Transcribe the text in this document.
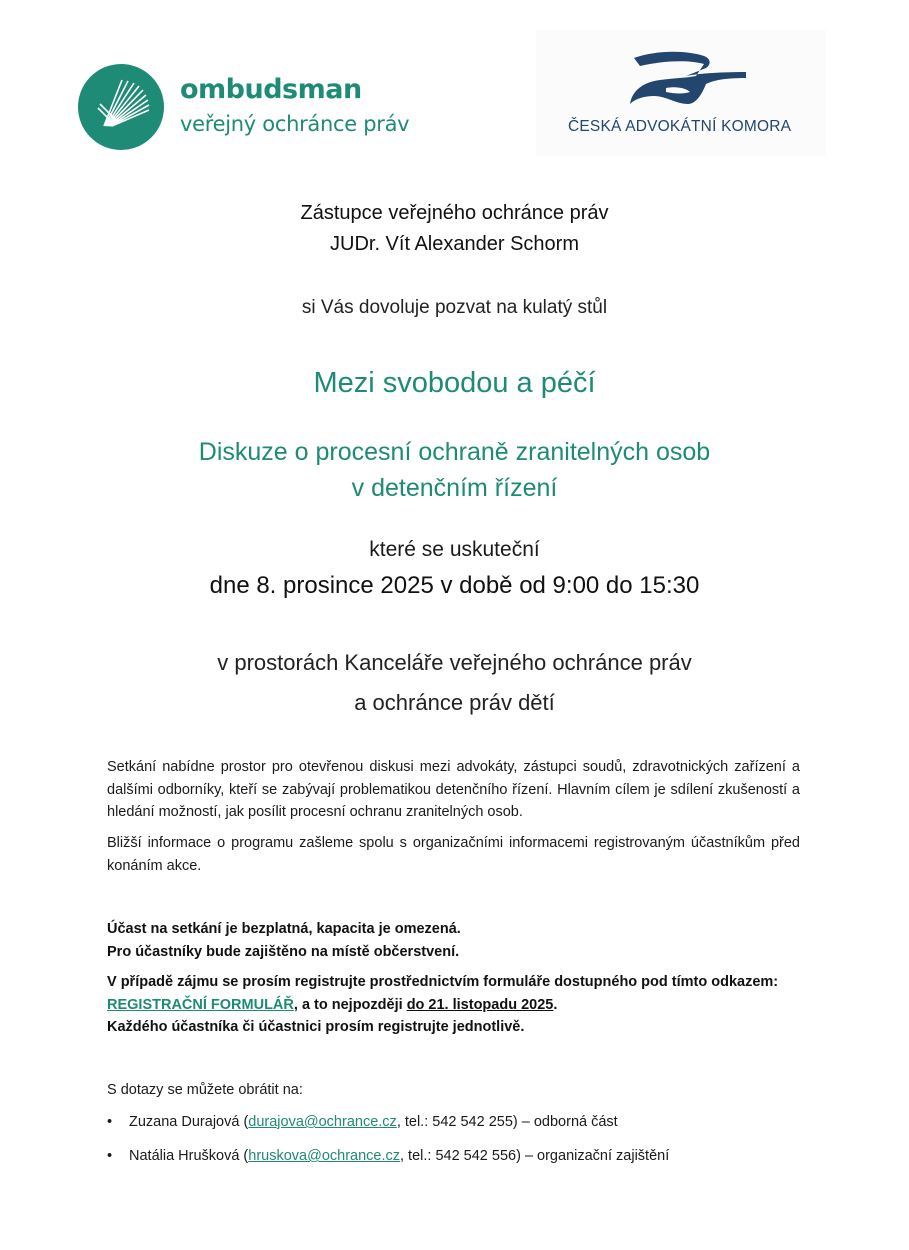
ombudsman
veřejný ochránce práv	ČESKÁ ADVOKÁTNÍ KOMORA
Zástupce veřejného ochránce práv
JUDr. Vít Alexander Schorm
si Vás dovoluje pozvat na kulatý stůl
Mezi svobodou a péčí
Diskuze o procesní ochraně zranitelných osob
v detenčním řízení
které se uskuteční
dne 8. prosince 2025 v době od 9:00 do 15:30
v prostorách Kanceláře veřejného ochránce práv
a ochránce práv dětí
Setkání nabídne prostor pro otevřenou diskusi mezi advokáty, zástupci soudů, zdravotnických zařízení a dalšími odborníky, kteří se zabývají problematikou detenčního řízení. Hlavním cílem je sdílení zkušeností a hledání možností, jak posílit procesní ochranu zranitelných osob.
Bližší informace o programu zašleme spolu s organizačními informacemi registrovaným účastníkům před konáním akce.
Účast na setkání je bezplatná, kapacita je omezená.
Pro účastníky bude zajištěno na místě občerstvení.
V případě zájmu se prosím registrujte prostřednictvím formuláře dostupného pod tímto odkazem: REGISTRAČNÍ FORMULÁŘ, a to nejpozději do 21. listopadu 2025.
Každého účastníka či účastnici prosím registrujte jednotlivě.
S dotazy se můžete obrátit na:
• Zuzana Durajová (durajova@ochrance.cz, tel.: 542 542 255) – odborná část
• Natália Hrušková (hruskova@ochrance.cz, tel.: 542 542 556) – organizační zajištění
